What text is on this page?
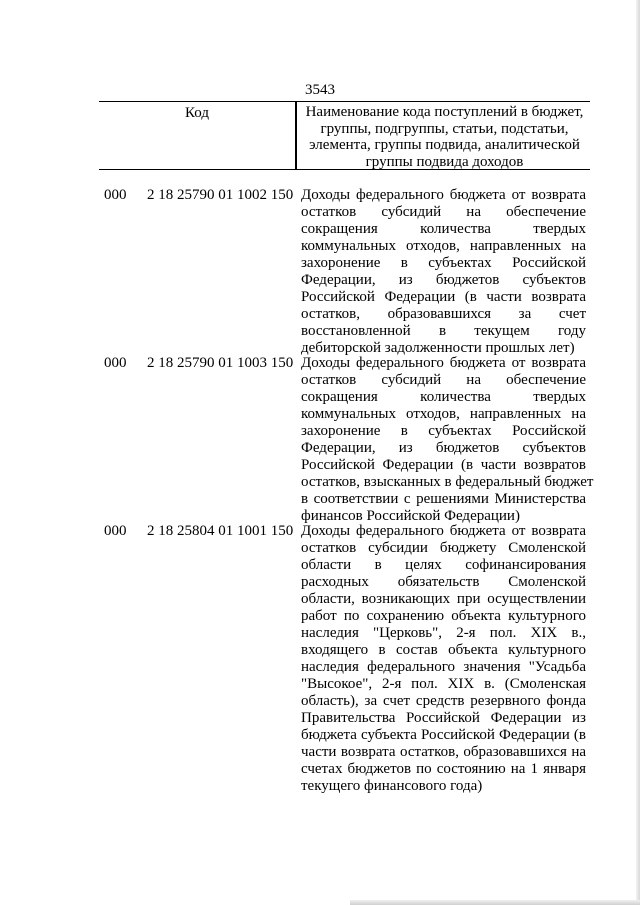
3543
Код	Наименование кода поступлений в бюджет, группы, подгруппы, статьи, подстатьи, элемента, группы подвида, аналитической группы подвида доходов
000 2 18 25790 01 1002 150 Доходы федерального бюджета от возврата
остатков субсидий на обеспечение
сокращения количества твердых
коммунальных отходов, направленных на
захоронение в субъектах Российской
Федерации, из бюджетов субъектов
Российской Федерации (в части возврата
остатков, образовавшихся за счет
восстановленной в текущем году
дебиторской задолженности прошлых лет)

000 2 18 25790 01 1003 150 Доходы федерального бюджета от возврата
остатков субсидий на обеспечение
сокращения количества твердых
коммунальных отходов, направленных на
захоронение в субъектах Российской
Федерации, из бюджетов субъектов
Российской Федерации (в части возвратов
остатков, взысканных в федеральный бюджет
в соответствии с решениями Министерства
финансов Российской Федерации)

000 2 18 25804 01 1001 150 Доходы федерального бюджета от возврата
остатков субсидии бюджету Смоленской
области в целях софинансирования
расходных обязательств Смоленской
области, возникающих при осуществлении
работ по сохранению объекта культурного
наследия "Церковь", 2-я пол. XIX в.,
входящего в состав объекта культурного
наследия федерального значения "Усадьба
"Высокое", 2-я пол. XIX в. (Смоленская
область), за счет средств резервного фонда
Правительства Российской Федерации из
бюджета субъекта Российской Федерации (в
части возврата остатков, образовавшихся на
счетах бюджетов по состоянию на 1 января
текущего финансового года)
